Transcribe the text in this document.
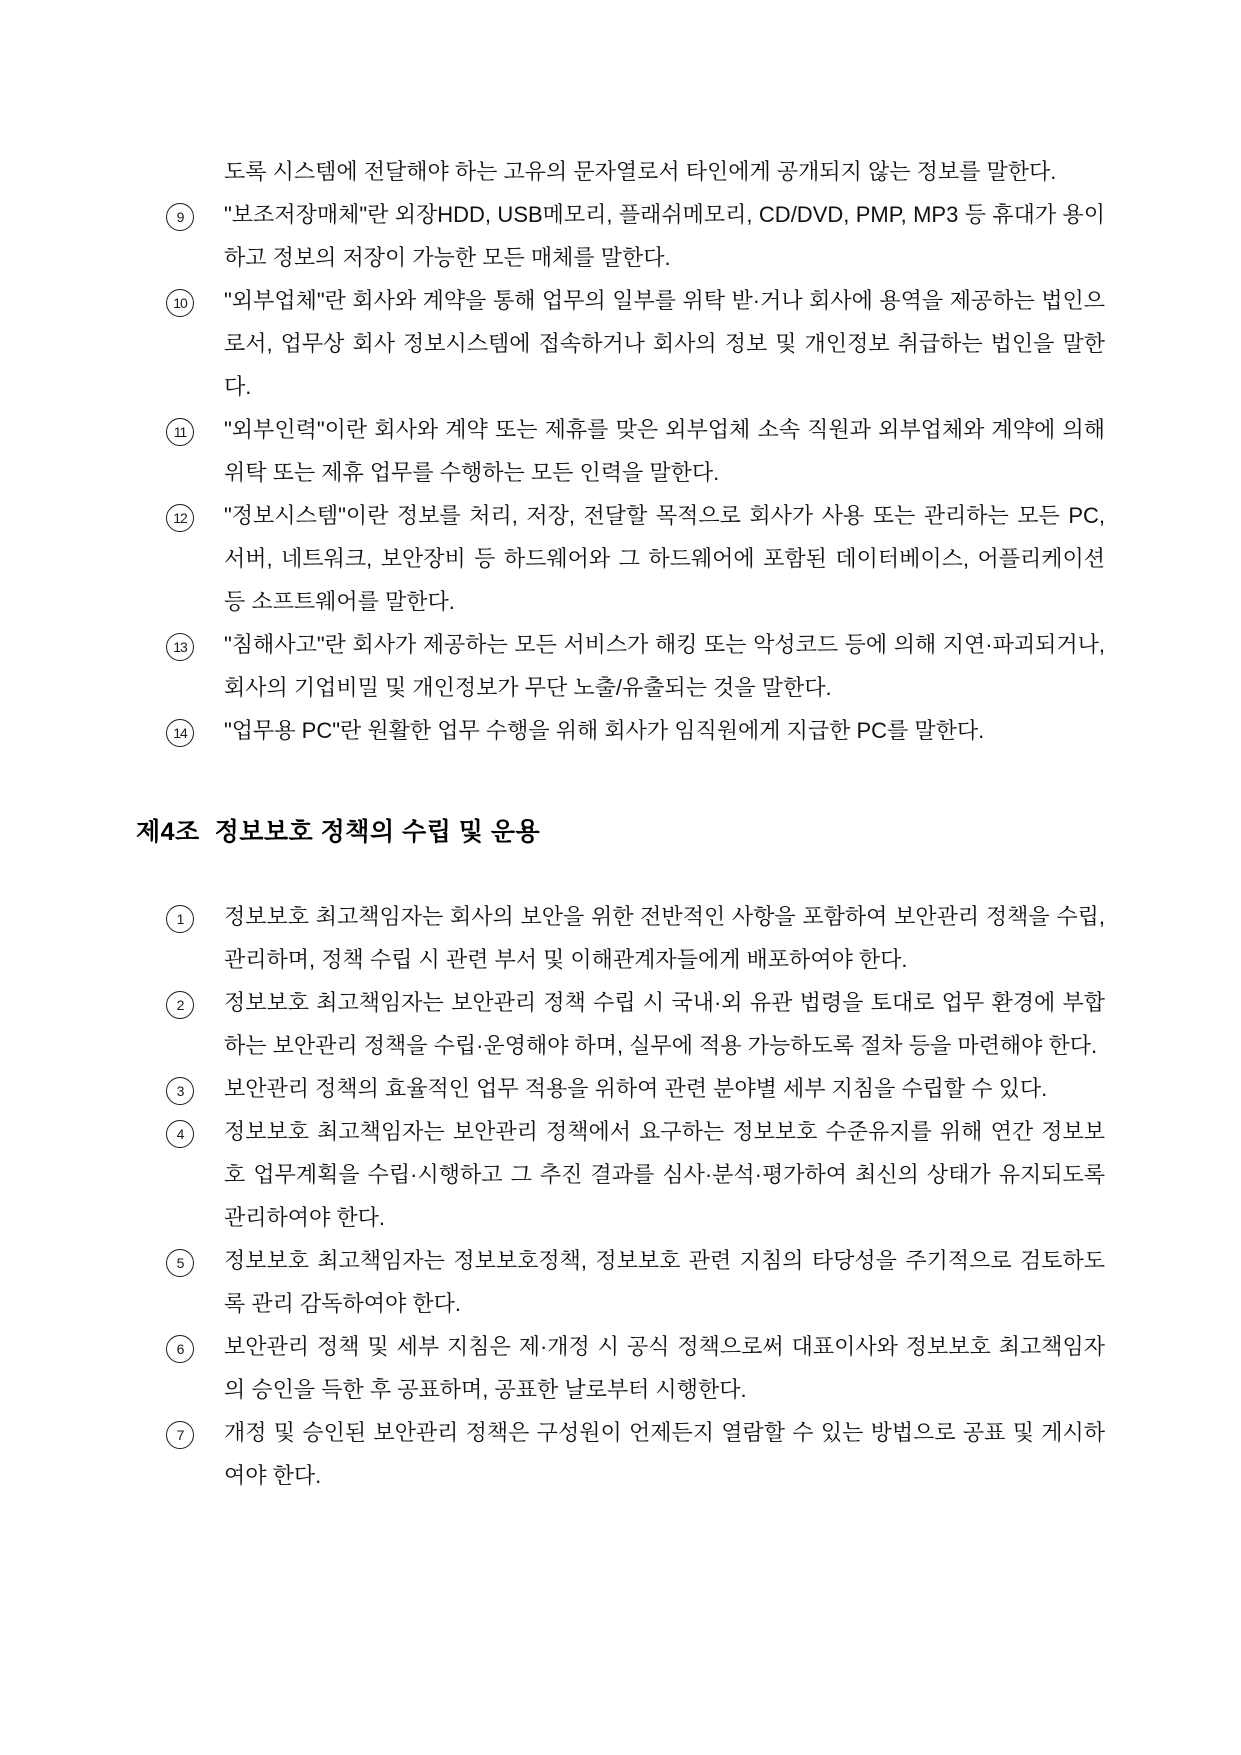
도록 시스템에 전달해야 하는 고유의 문자열로서 타인에게 공개되지 않는 정보를 말한다.

9	"보조저장매체"란 외장HDD, USB메모리, 플래쉬메모리, CD/DVD, PMP, MP3 등 휴대가 용이하고 정보의 저장이 가능한 모든 매체를 말한다.

10	"외부업체"란 회사와 계약을 통해 업무의 일부를 위탁 받·거나 회사에 용역을 제공하는 법인으로서, 업무상 회사 정보시스템에 접속하거나 회사의 정보 및 개인정보 취급하는 법인을 말한다.

11	"외부인력"이란 회사와 계약 또는 제휴를 맞은 외부업체 소속 직원과 외부업체와 계약에 의해 위탁 또는 제휴 업무를 수행하는 모든 인력을 말한다.

12	"정보시스템"이란 정보를 처리, 저장, 전달할 목적으로 회사가 사용 또는 관리하는 모든 PC, 서버, 네트워크, 보안장비 등 하드웨어와 그 하드웨어에 포함된 데이터베이스, 어플리케이션 등 소프트웨어를 말한다.

13	"침해사고"란 회사가 제공하는 모든 서비스가 해킹 또는 악성코드 등에 의해 지연·파괴되거나, 회사의 기업비밀 및 개인정보가 무단 노출/유출되는 것을 말한다.

14	"업무용 PC"란 원활한 업무 수행을 위해 회사가 임직원에게 지급한 PC를 말한다.

제4조  정보보호 정책의 수립 및 운용
1	정보보호 최고책임자는 회사의 보안을 위한 전반적인 사항을 포함하여 보안관리 정책을 수립, 관리하며, 정책 수립 시 관련 부서 및 이해관계자들에게 배포하여야 한다.

2	정보보호 최고책임자는 보안관리 정책 수립 시 국내·외 유관 법령을 토대로 업무 환경에 부합하는 보안관리 정책을 수립·운영해야 하며, 실무에 적용 가능하도록 절차 등을 마련해야 한다.

3	보안관리 정책의 효율적인 업무 적용을 위하여 관련 분야별 세부 지침을 수립할 수 있다.

4	정보보호 최고책임자는 보안관리 정책에서 요구하는 정보보호 수준유지를 위해 연간 정보보호 업무계획을 수립·시행하고 그 추진 결과를 심사·분석·평가하여 최신의 상태가 유지되도록 관리하여야 한다.

5	정보보호 최고책임자는 정보보호정책, 정보보호 관련 지침의 타당성을 주기적으로 검토하도록 관리 감독하여야 한다.

6	보안관리 정책 및 세부 지침은 제·개정 시 공식 정책으로써 대표이사와 정보보호 최고책임자의 승인을 득한 후 공표하며, 공표한 날로부터 시행한다.

7	개정 및 승인된 보안관리 정책은 구성원이 언제든지 열람할 수 있는 방법으로 공표 및 게시하여야 한다.
